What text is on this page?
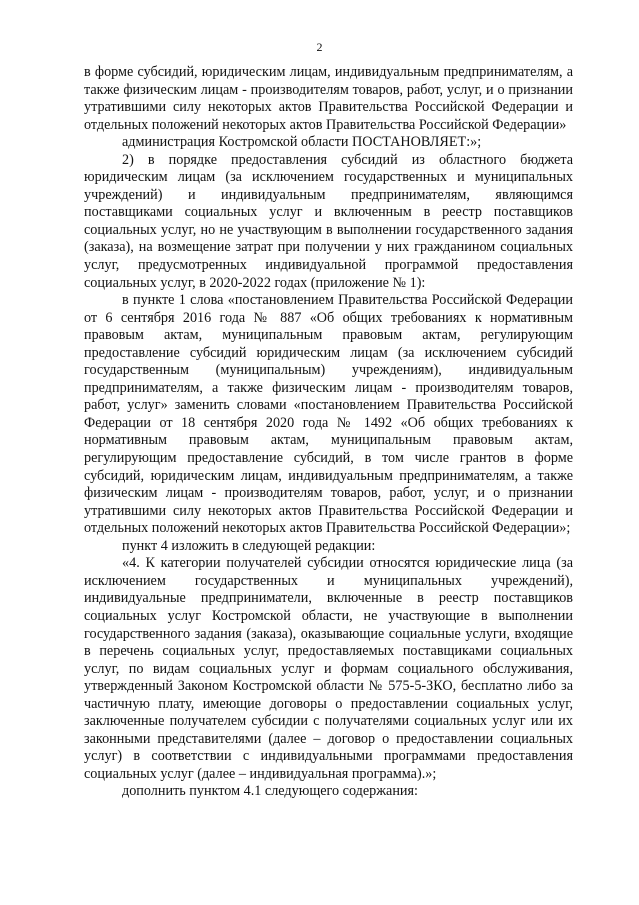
2

в форме субсидий, юридическим лицам, индивидуальным предпринимателям, а также физическим лицам - производителям товаров, работ, услуг, и о признании утратившими силу некоторых актов Правительства Российской Федерации и отдельных положений некоторых актов Правительства Российской Федерации»

администрация Костромской области ПОСТАНОВЛЯЕТ:»;

2) в порядке предоставления субсидий из областного бюджета юридическим лицам (за исключением государственных и муниципальных учреждений) и индивидуальным предпринимателям, являющимся поставщиками социальных услуг и включенным в реестр поставщиков социальных услуг, но не участвующим в выполнении государственного задания (заказа), на возмещение затрат при получении у них гражданином социальных услуг, предусмотренных индивидуальной программой предоставления социальных услуг, в 2020-2022 годах (приложение № 1):

в пункте 1 слова «постановлением Правительства Российской Федерации от 6 сентября 2016 года № 887 «Об общих требованиях к нормативным правовым актам, муниципальным правовым актам, регулирующим предоставление субсидий юридическим лицам (за исключением субсидий государственным (муниципальным) учреждениям), индивидуальным предпринимателям, а также физическим лицам - производителям товаров, работ, услуг» заменить словами «постановлением Правительства Российской Федерации от 18 сентября 2020 года № 1492 «Об общих требованиях к нормативным правовым актам, муниципальным правовым актам, регулирующим предоставление субсидий, в том числе грантов в форме субсидий, юридическим лицам, индивидуальным предпринимателям, а также физическим лицам - производителям товаров, работ, услуг, и о признании утратившими силу некоторых актов Правительства Российской Федерации и отдельных положений некоторых актов Правительства Российской Федерации»;

пункт 4 изложить в следующей редакции:

«4. К категории получателей субсидии относятся юридические лица (за исключением государственных и муниципальных учреждений), индивидуальные предприниматели, включенные в реестр поставщиков социальных услуг Костромской области, не участвующие в выполнении государственного задания (заказа), оказывающие социальные услуги, входящие в перечень социальных услуг, предоставляемых поставщиками социальных услуг, по видам социальных услуг и формам социального обслуживания, утвержденный Законом Костромской области № 575-5-ЗКО, бесплатно либо за частичную плату, имеющие договоры о предоставлении социальных услуг, заключенные получателем субсидии с получателями социальных услуг или их законными представителями (далее – договор о предоставлении социальных услуг) в соответствии с индивидуальными программами предоставления социальных услуг (далее – индивидуальная программа).»;

дополнить пунктом 4.1 следующего содержания:
